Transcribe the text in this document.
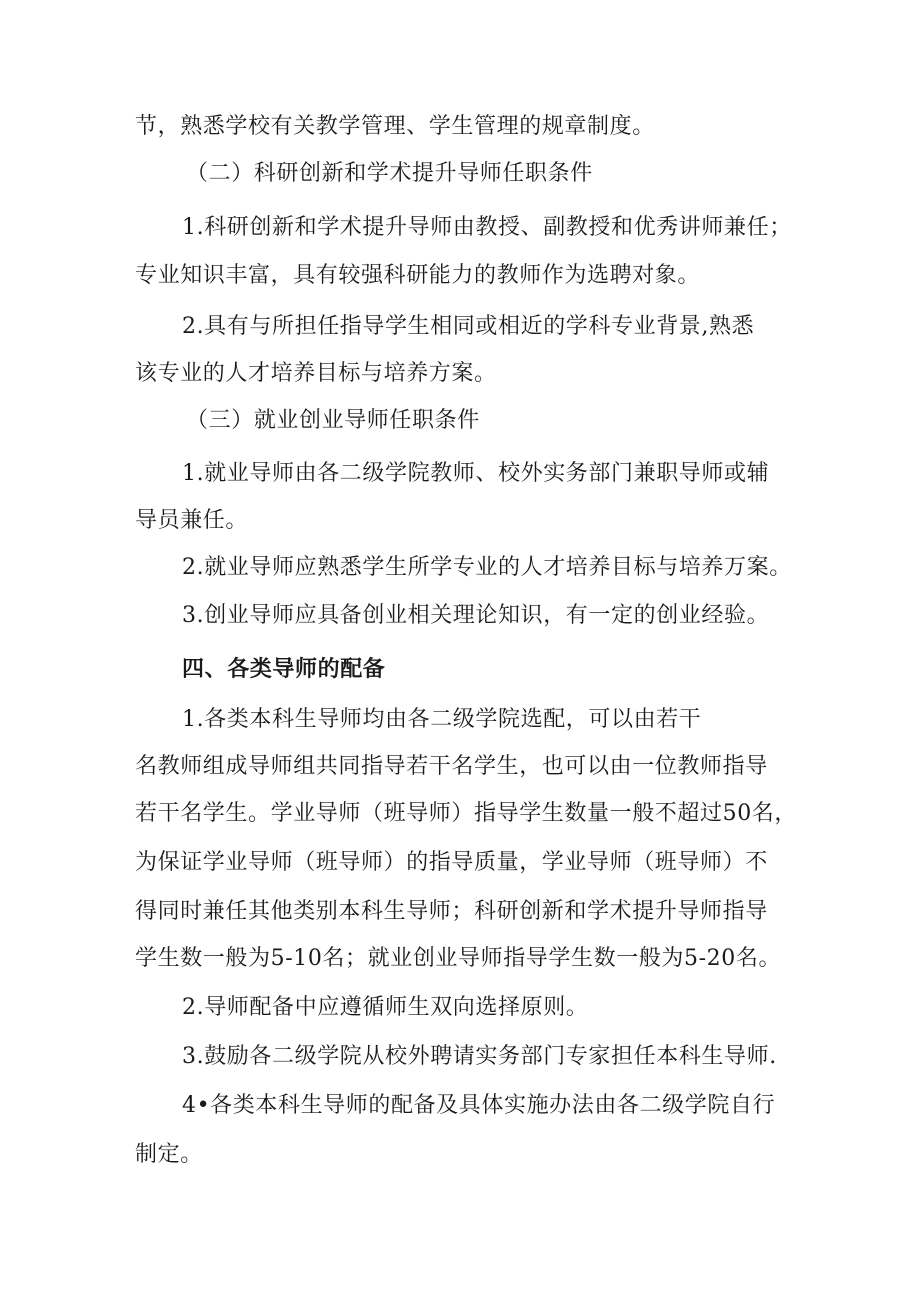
节，熟悉学校有关教学管理、学生管理的规章制度。
（二）科研创新和学术提升导师任职条件
1.科研创新和学术提升导师由教授、副教授和优秀讲师兼任；
专业知识丰富，具有较强科研能力的教师作为选聘对象。
2.具有与所担任指导学生相同或相近的学科专业背景,熟悉
该专业的人才培养目标与培养方案。
（三）就业创业导师任职条件
1.就业导师由各二级学院教师、校外实务部门兼职导师或辅
导员兼任。
2.就业导师应熟悉学生所学专业的人才培养目标与培养万案。
3.创业导师应具备创业相关理论知识，有一定的创业经验。
四、各类导师的配备
1.各类本科生导师均由各二级学院选配，可以由若干
名教师组成导师组共同指导若干名学生，也可以由一位教师指导
若干名学生。学业导师（班导师）指导学生数量一般不超过50名，
为保证学业导师（班导师）的指导质量，学业导师（班导师）不
得同时兼任其他类别本科生导师；科研创新和学术提升导师指导
学生数一般为5-10名；就业创业导师指导学生数一般为5-20名。
2.导师配备中应遵循师生双向选择原则。
3.鼓励各二级学院从校外聘请实务部门专家担任本科生导师.
4•各类本科生导师的配备及具体实施办法由各二级学院自行
制定。
